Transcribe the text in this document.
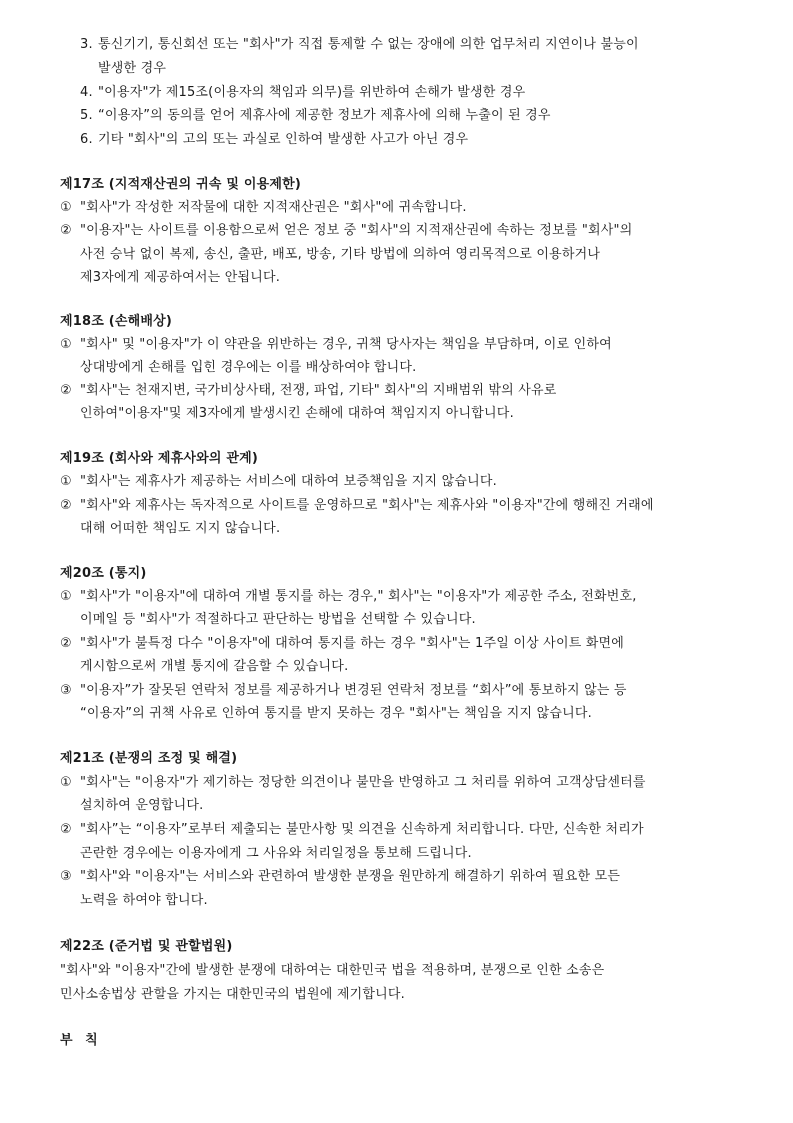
3. 통신기기, 통신회선 또는 "회사"가 직접 통제할 수 없는 장애에 의한 업무처리 지연이나 불능이
발생한 경우
4. "이용자"가 제15조(이용자의 책임과 의무)를 위반하여 손해가 발생한 경우
5. “이용자”의 동의를 얻어 제휴사에 제공한 정보가 제휴사에 의해 누출이 된 경우
6. 기타 "회사"의 고의 또는 과실로 인하여 발생한 사고가 아닌 경우
제17조 (지적재산권의 귀속 및 이용제한)
① "회사"가 작성한 저작물에 대한 지적재산권은 "회사"에 귀속합니다.
② "이용자"는 사이트를 이용함으로써 얻은 정보 중 "회사"의 지적재산권에 속하는 정보를 "회사"의
사전 승낙 없이 복제, 송신, 출판, 배포, 방송, 기타 방법에 의하여 영리목적으로 이용하거나
제3자에게 제공하여서는 안됩니다.
제18조 (손해배상)
① "회사" 및 "이용자"가 이 약관을 위반하는 경우, 귀책 당사자는 책임을 부담하며, 이로 인하여
상대방에게 손해를 입힌 경우에는 이를 배상하여야 합니다.
② "회사"는 천재지변, 국가비상사태, 전쟁, 파업, 기타" 회사"의 지배범위 밖의 사유로
인하여"이용자"및 제3자에게 발생시킨 손해에 대하여 책임지지 아니합니다.
제19조 (회사와 제휴사와의 관계)
① "회사"는 제휴사가 제공하는 서비스에 대하여 보증책임을 지지 않습니다.
② "회사"와 제휴사는 독자적으로 사이트를 운영하므로 "회사"는 제휴사와 "이용자"간에 행해진 거래에
대해 어떠한 책임도 지지 않습니다.
제20조 (통지)
① "회사"가 "이용자"에 대하여 개별 통지를 하는 경우," 회사"는 "이용자"가 제공한 주소, 전화번호,
이메일 등 "회사"가 적절하다고 판단하는 방법을 선택할 수 있습니다.
② "회사"가 불특정 다수 "이용자"에 대하여 통지를 하는 경우 "회사"는 1주일 이상 사이트 화면에
게시함으로써 개별 통지에 갈음할 수 있습니다.
③ "이용자”가 잘못된 연락처 정보를 제공하거나 변경된 연락처 정보를 “회사”에 통보하지 않는 등
“이용자”의 귀책 사유로 인하여 통지를 받지 못하는 경우 "회사"는 책임을 지지 않습니다.
제21조 (분쟁의 조정 및 해결)
① "회사"는 "이용자"가 제기하는 정당한 의견이나 불만을 반영하고 그 처리를 위하여 고객상담센터를
설치하여 운영합니다.
② "회사”는 “이용자”로부터 제출되는 불만사항 및 의견을 신속하게 처리합니다. 다만, 신속한 처리가
곤란한 경우에는 이용자에게 그 사유와 처리일정을 통보해 드립니다.
③ "회사"와 "이용자"는 서비스와 관련하여 발생한 분쟁을 원만하게 해결하기 위하여 필요한 모든
노력을 하여야 합니다.
제22조 (준거법 및 관할법원)
"회사"와 "이용자"간에 발생한 분쟁에 대하여는 대한민국 법을 적용하며, 분쟁으로 인한 소송은
민사소송법상 관할을 가지는 대한민국의 법원에 제기합니다.
부 칙
